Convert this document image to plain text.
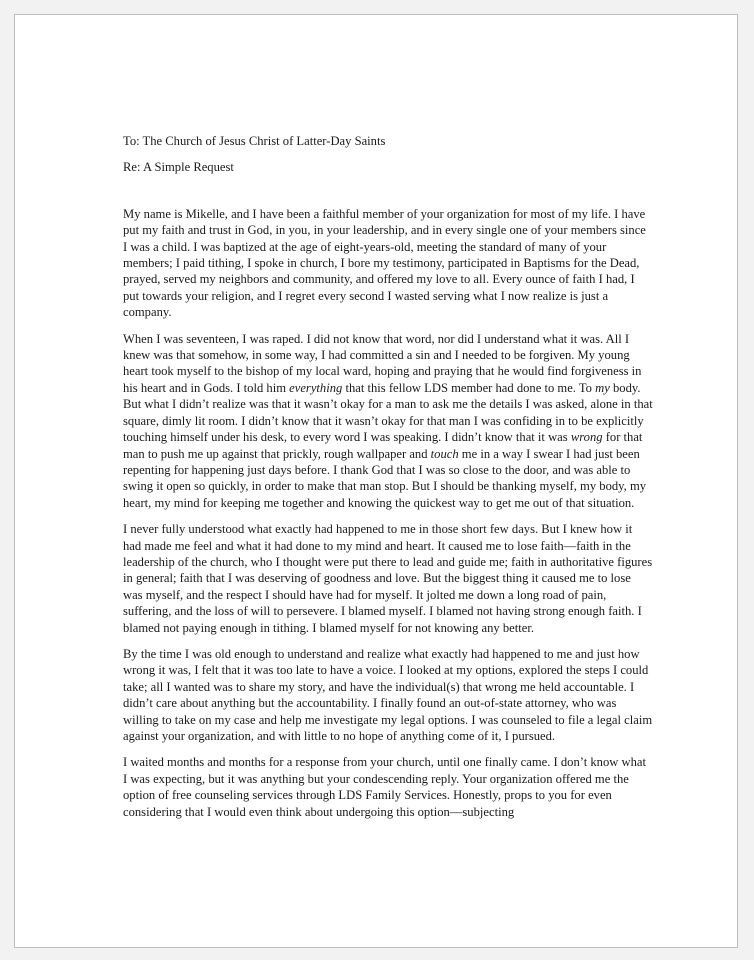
To: The Church of Jesus Christ of Latter-Day Saints
Re: A Simple Request

My name is Mikelle, and I have been a faithful member of your organization for most of my life. I have put my faith and trust in God, in you, in your leadership, and in every single one of your members since I was a child. I was baptized at the age of eight-years-old, meeting the standard of many of your members; I paid tithing, I spoke in church, I bore my testimony, participated in Baptisms for the Dead, prayed, served my neighbors and community, and offered my love to all. Every ounce of faith I had, I put towards your religion, and I regret every second I wasted serving what I now realize is just a company.

When I was seventeen, I was raped. I did not know that word, nor did I understand what it was. All I knew was that somehow, in some way, I had committed a sin and I needed to be forgiven. My young heart took myself to the bishop of my local ward, hoping and praying that he would find forgiveness in his heart and in Gods. I told him everything that this fellow LDS member had done to me. To my body. But what I didn’t realize was that it wasn’t okay for a man to ask me the details I was asked, alone in that square, dimly lit room. I didn’t know that it wasn’t okay for that man I was confiding in to be explicitly touching himself under his desk, to every word I was speaking. I didn’t know that it was wrong for that man to push me up against that prickly, rough wallpaper and touch me in a way I swear I had just been repenting for happening just days before. I thank God that I was so close to the door, and was able to swing it open so quickly, in order to make that man stop. But I should be thanking myself, my body, my heart, my mind for keeping me together and knowing the quickest way to get me out of that situation.

I never fully understood what exactly had happened to me in those short few days. But I knew how it had made me feel and what it had done to my mind and heart. It caused me to lose faith—faith in the leadership of the church, who I thought were put there to lead and guide me; faith in authoritative figures in general; faith that I was deserving of goodness and love. But the biggest thing it caused me to lose was myself, and the respect I should have had for myself. It jolted me down a long road of pain, suffering, and the loss of will to persevere. I blamed myself. I blamed not having strong enough faith. I blamed not paying enough in tithing. I blamed myself for not knowing any better.

By the time I was old enough to understand and realize what exactly had happened to me and just how wrong it was, I felt that it was too late to have a voice. I looked at my options, explored the steps I could take; all I wanted was to share my story, and have the individual(s) that wrong me held accountable. I didn’t care about anything but the accountability. I finally found an out-of-state attorney, who was willing to take on my case and help me investigate my legal options. I was counseled to file a legal claim against your organization, and with little to no hope of anything come of it, I pursued.

I waited months and months for a response from your church, until one finally came. I don’t know what I was expecting, but it was anything but your condescending reply. Your organization offered me the option of free counseling services through LDS Family Services. Honestly, props to you for even considering that I would even think about undergoing this option—subjecting
